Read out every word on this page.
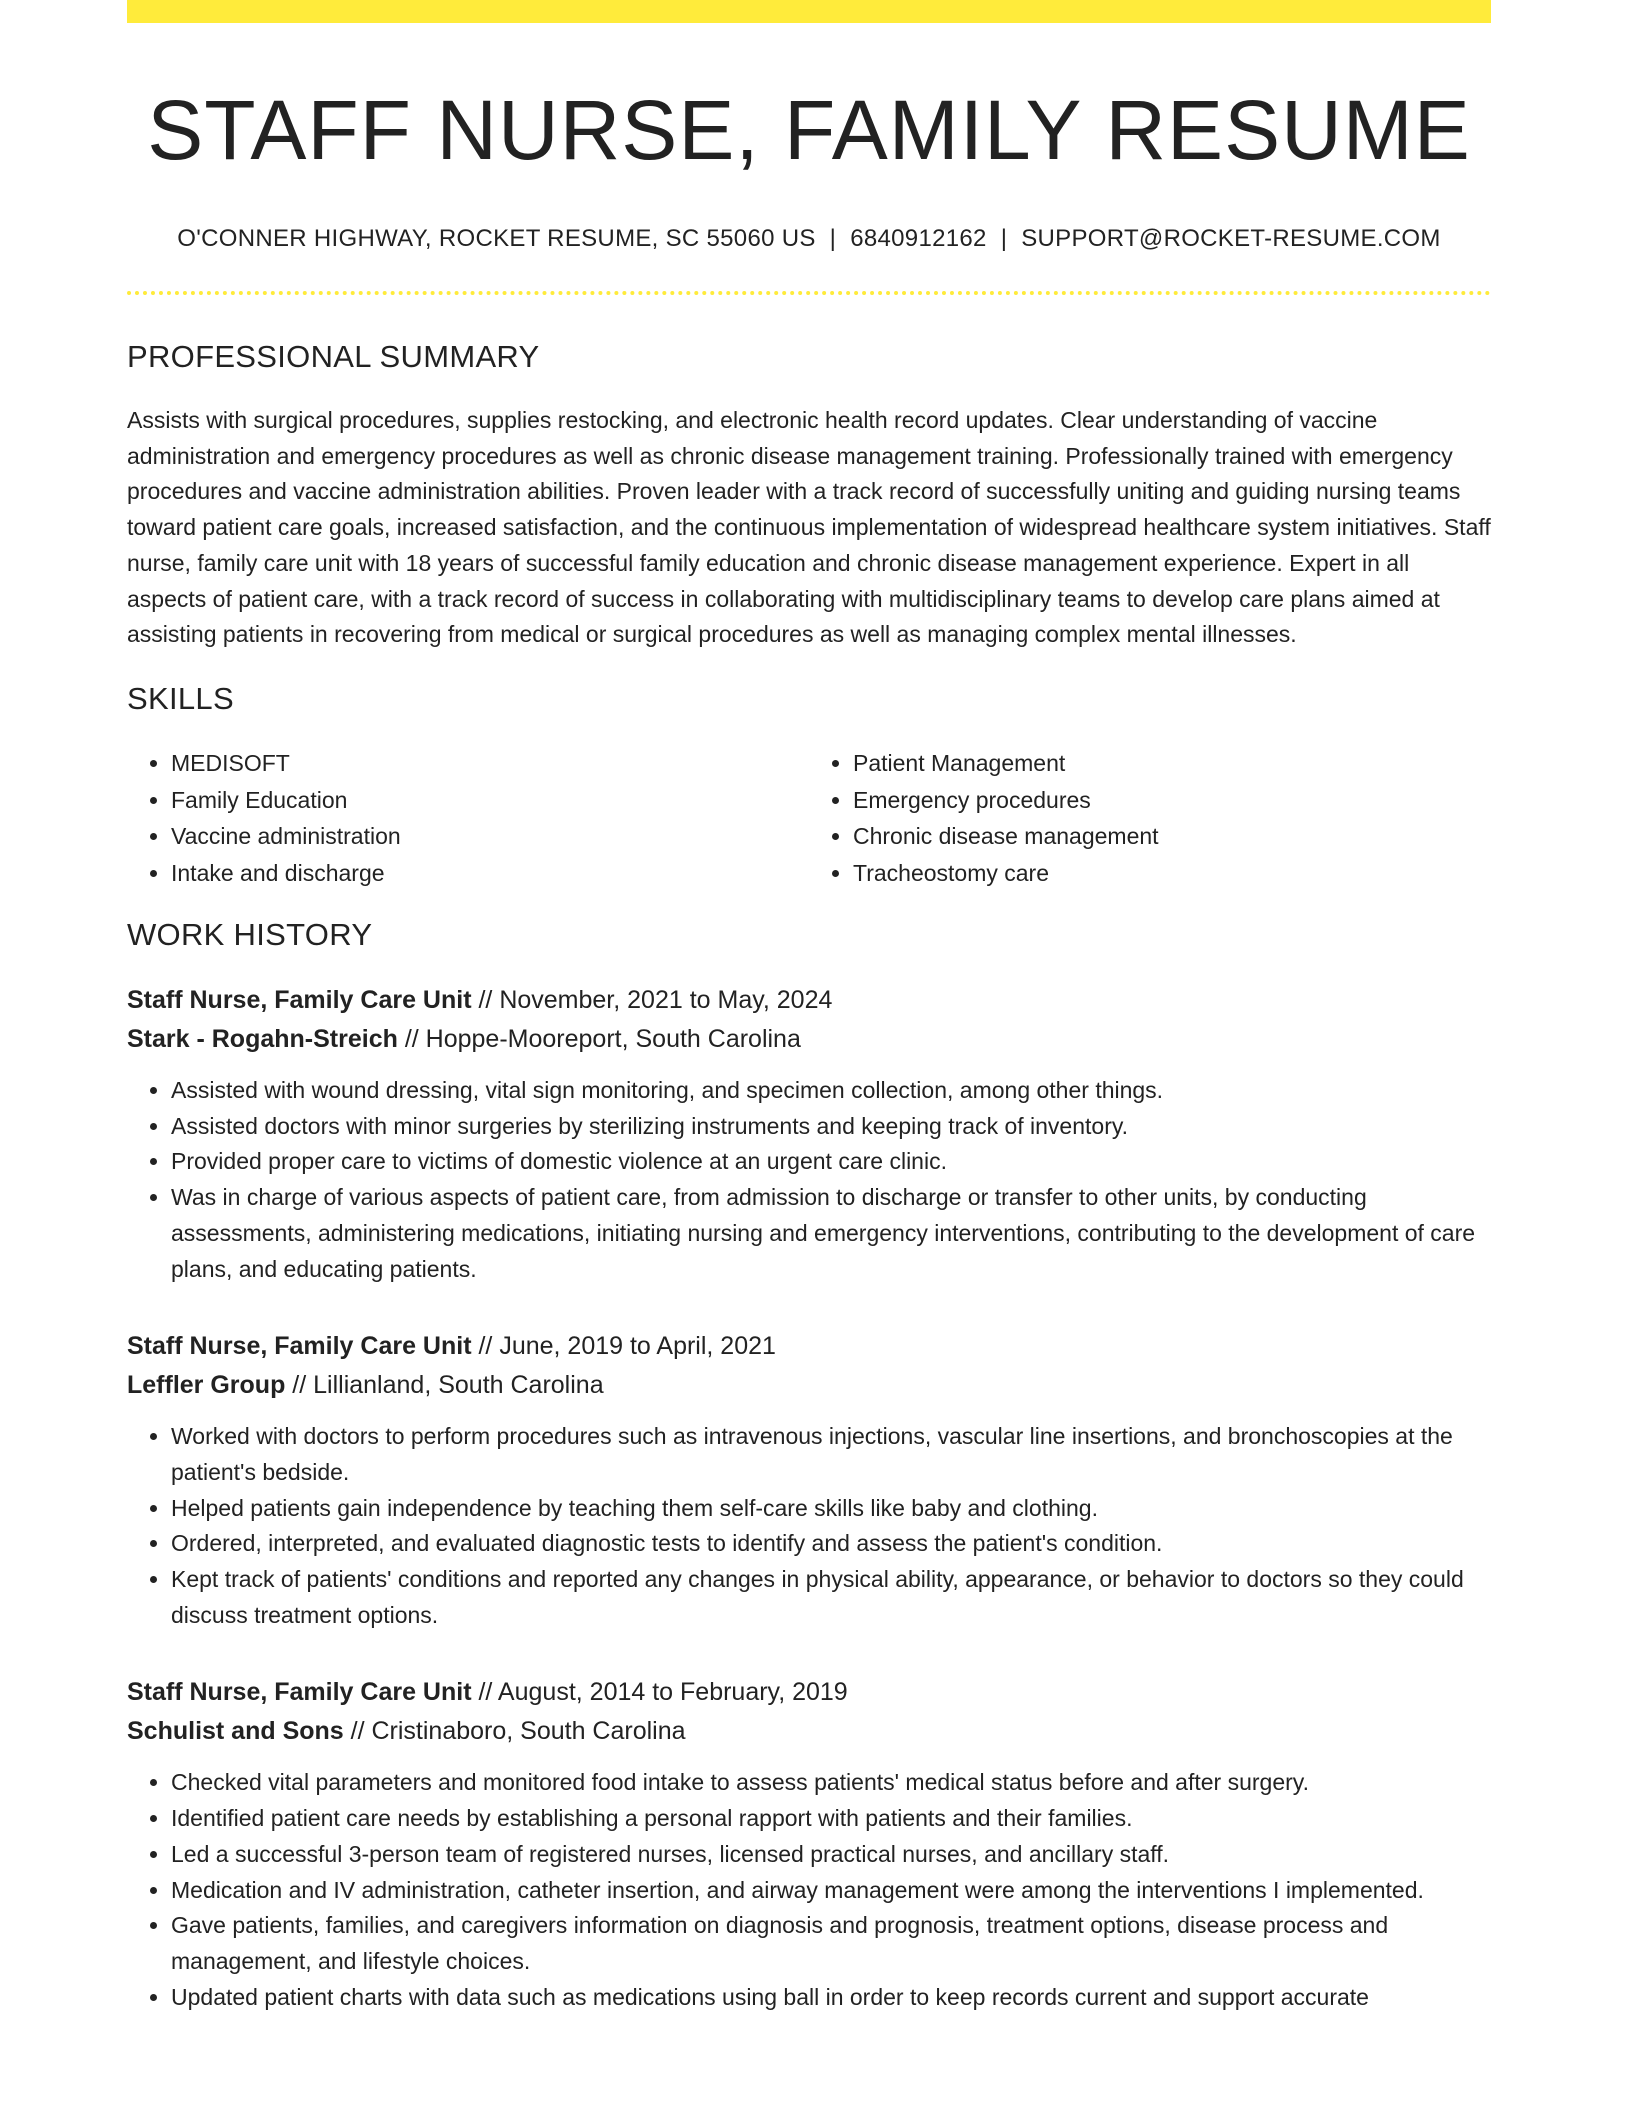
STAFF NURSE, FAMILY RESUME
O'CONNER HIGHWAY, ROCKET RESUME, SC 55060 US | 6840912162 | SUPPORT@ROCKET-RESUME.COM
PROFESSIONAL SUMMARY
Assists with surgical procedures, supplies restocking, and electronic health record updates. Clear understanding of vaccine administration and emergency procedures as well as chronic disease management training. Professionally trained with emergency procedures and vaccine administration abilities. Proven leader with a track record of successfully uniting and guiding nursing teams toward patient care goals, increased satisfaction, and the continuous implementation of widespread healthcare system initiatives. Staff nurse, family care unit with 18 years of successful family education and chronic disease management experience. Expert in all aspects of patient care, with a track record of success in collaborating with multidisciplinary teams to develop care plans aimed at assisting patients in recovering from medical or surgical procedures as well as managing complex mental illnesses.
SKILLS
• MEDISOFT
• Family Education
• Vaccine administration
• Intake and discharge
• Patient Management
• Emergency procedures
• Chronic disease management
• Tracheostomy care
WORK HISTORY
Staff Nurse, Family Care Unit // November, 2021 to May, 2024
Stark - Rogahn-Streich // Hoppe-Mooreport, South Carolina
• Assisted with wound dressing, vital sign monitoring, and specimen collection, among other things.
• Assisted doctors with minor surgeries by sterilizing instruments and keeping track of inventory.
• Provided proper care to victims of domestic violence at an urgent care clinic.
• Was in charge of various aspects of patient care, from admission to discharge or transfer to other units, by conducting assessments, administering medications, initiating nursing and emergency interventions, contributing to the development of care plans, and educating patients.
Staff Nurse, Family Care Unit // June, 2019 to April, 2021
Leffler Group // Lillianland, South Carolina
• Worked with doctors to perform procedures such as intravenous injections, vascular line insertions, and bronchoscopies at the patient's bedside.
• Helped patients gain independence by teaching them self-care skills like baby and clothing.
• Ordered, interpreted, and evaluated diagnostic tests to identify and assess the patient's condition.
• Kept track of patients' conditions and reported any changes in physical ability, appearance, or behavior to doctors so they could discuss treatment options.
Staff Nurse, Family Care Unit // August, 2014 to February, 2019
Schulist and Sons // Cristinaboro, South Carolina
• Checked vital parameters and monitored food intake to assess patients' medical status before and after surgery.
• Identified patient care needs by establishing a personal rapport with patients and their families.
• Led a successful 3-person team of registered nurses, licensed practical nurses, and ancillary staff.
• Medication and IV administration, catheter insertion, and airway management were among the interventions I implemented.
• Gave patients, families, and caregivers information on diagnosis and prognosis, treatment options, disease process and management, and lifestyle choices.
• Updated patient charts with data such as medications using ball in order to keep records current and support accurate
